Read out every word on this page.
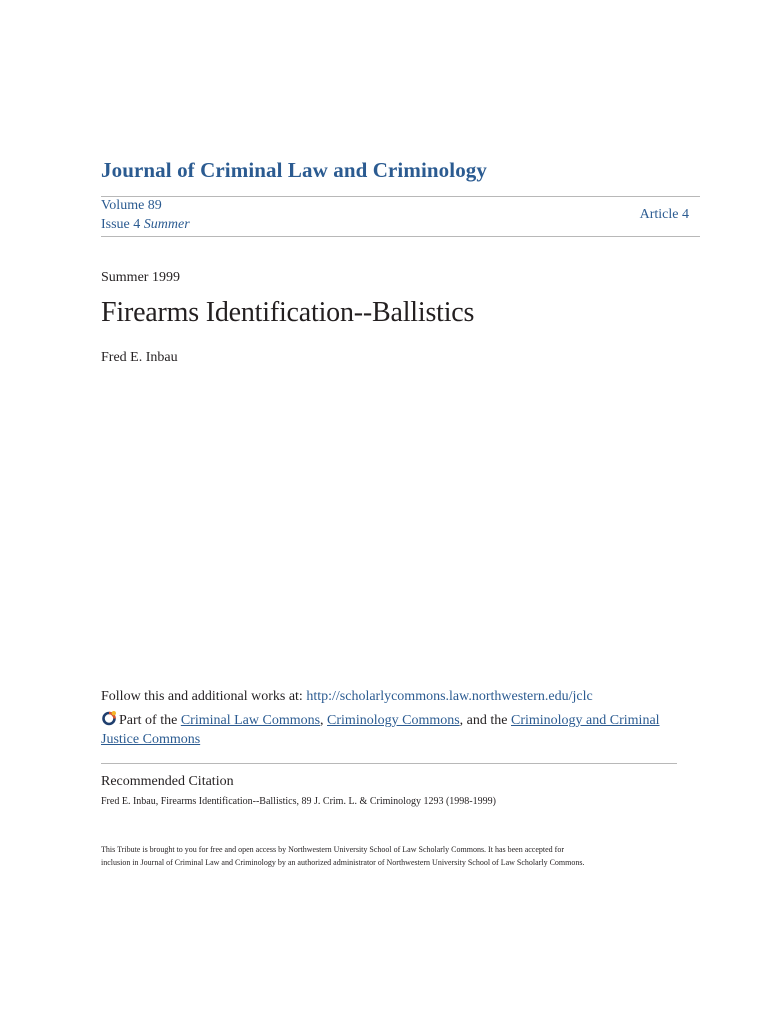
Journal of Criminal Law and Criminology
Volume 89
Issue 4 Summer
Article 4
Summer 1999
Firearms Identification--Ballistics
Fred E. Inbau
Follow this and additional works at: http://scholarlycommons.law.northwestern.edu/jclc
Part of the Criminal Law Commons, Criminology Commons, and the Criminology and Criminal Justice Commons
Recommended Citation
Fred E. Inbau, Firearms Identification--Ballistics, 89 J. Crim. L. & Criminology 1293 (1998-1999)
This Tribute is brought to you for free and open access by Northwestern University School of Law Scholarly Commons. It has been accepted for
inclusion in Journal of Criminal Law and Criminology by an authorized administrator of Northwestern University School of Law Scholarly Commons.
